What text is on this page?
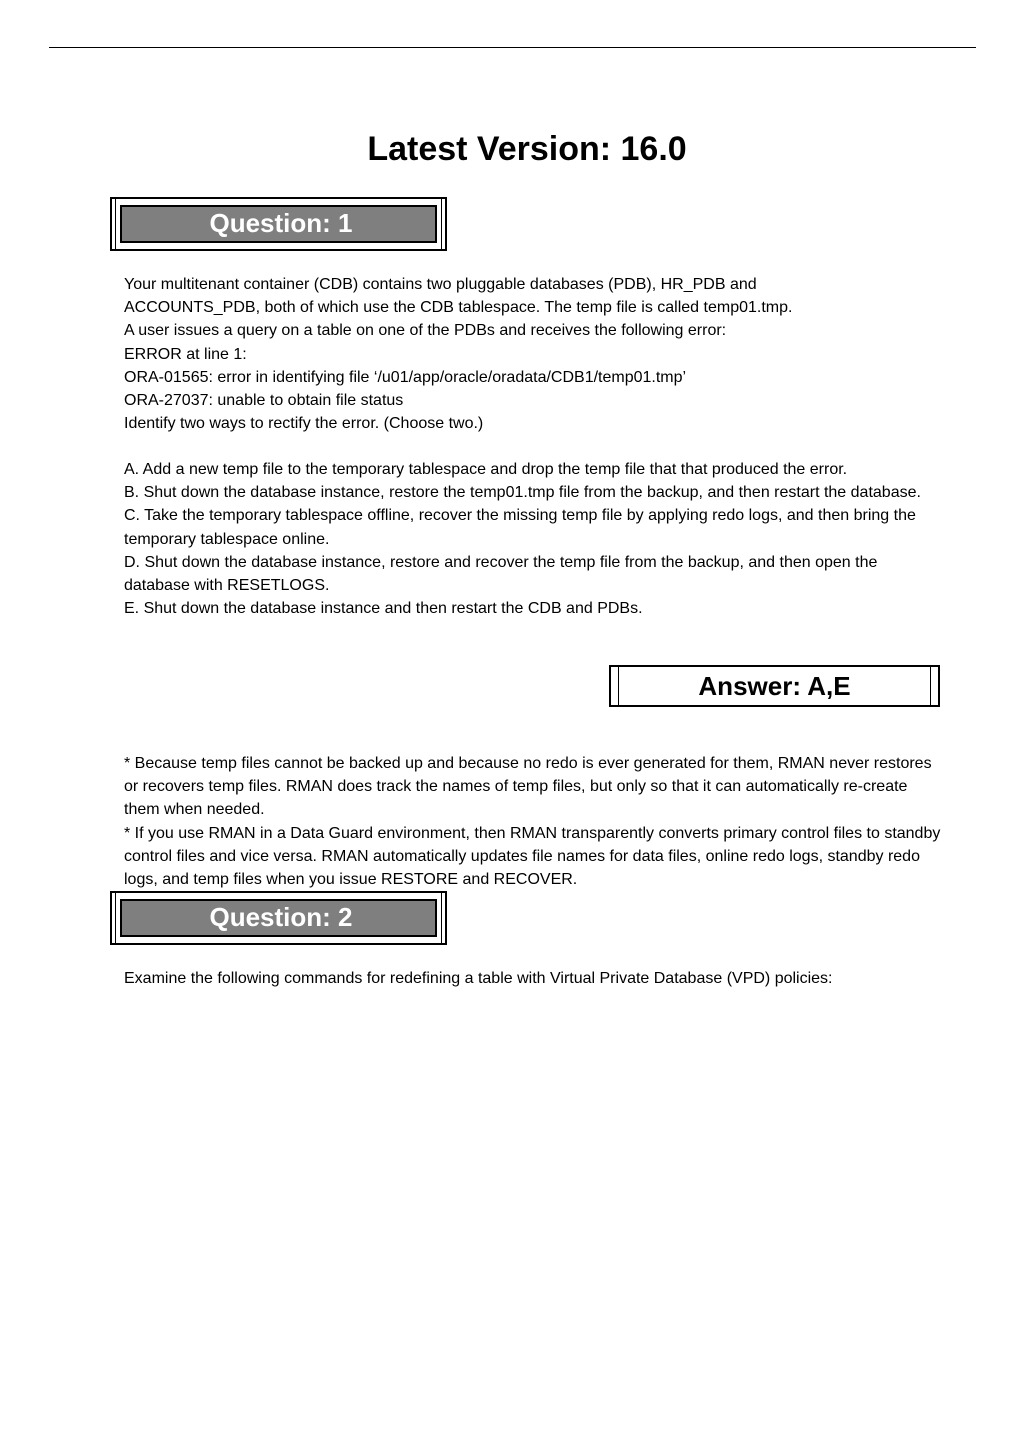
Latest Version: 16.0
Question: 1

Your multitenant container (CDB) contains two pluggable databases (PDB), HR_PDB and

ACCOUNTS_PDB, both of which use the CDB tablespace. The temp file is called temp01.tmp.

A user issues a query on a table on one of the PDBs and receives the following error:

ERROR at line 1:

ORA-01565: error in identifying file ‘/u01/app/oracle/oradata/CDB1/temp01.tmp’

ORA-27037: unable to obtain file status

Identify two ways to rectify the error. (Choose two.)

A. Add a new temp file to the temporary tablespace and drop the temp file that that produced the error.

B. Shut down the database instance, restore the temp01.tmp file from the backup, and then restart the database.

C. Take the temporary tablespace offline, recover the missing temp file by applying redo logs, and then bring the temporary tablespace online.

D. Shut down the database instance, restore and recover the temp file from the backup, and then open the database with RESETLOGS.

E. Shut down the database instance and then restart the CDB and PDBs.

Answer: A,E

* Because temp files cannot be backed up and because no redo is ever generated for them, RMAN never restores or recovers temp files. RMAN does track the names of temp files, but only so that it can automatically re-create them when needed.

* If you use RMAN in a Data Guard environment, then RMAN transparently converts primary control files to standby control files and vice versa. RMAN automatically updates file names for data files, online redo logs, standby redo logs, and temp files when you issue RESTORE and RECOVER.

Question: 2

Examine the following commands for redefining a table with Virtual Private Database (VPD) policies:
